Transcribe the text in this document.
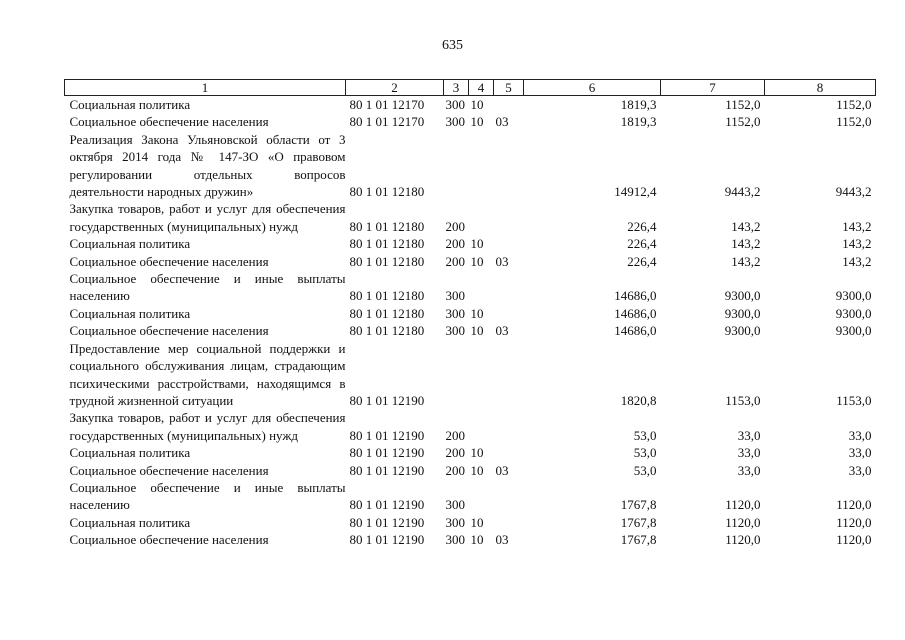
635
1	2	3	4	5	6	7	8
Социальная политика	80 1 01 12170	300	10		1819,3	1152,0	1152,0
Социальное обеспечение населения	80 1 01 12170	300	10	03	1819,3	1152,0	1152,0
Реализация Закона Ульяновской области от 3 октября 2014 года № 147-ЗО «О правовом регулировании отдельных вопросов деятельности народных дружин»	80 1 01 12180				14912,4	9443,2	9443,2
Закупка товаров, работ и услуг для обеспечения государственных (муниципальных) нужд	80 1 01 12180	200			226,4	143,2	143,2
Социальная политика	80 1 01 12180	200	10		226,4	143,2	143,2
Социальное обеспечение населения	80 1 01 12180	200	10	03	226,4	143,2	143,2
Социальное обеспечение и иные выплаты населению	80 1 01 12180	300			14686,0	9300,0	9300,0
Социальная политика	80 1 01 12180	300	10		14686,0	9300,0	9300,0
Социальное обеспечение населения	80 1 01 12180	300	10	03	14686,0	9300,0	9300,0
Предоставление мер социальной поддержки и социального обслуживания лицам, страдающим психическими расстройствами, находящимся в трудной жизненной ситуации	80 1 01 12190				1820,8	1153,0	1153,0
Закупка товаров, работ и услуг для обеспечения государственных (муниципальных) нужд	80 1 01 12190	200			53,0	33,0	33,0
Социальная политика	80 1 01 12190	200	10		53,0	33,0	33,0
Социальное обеспечение населения	80 1 01 12190	200	10	03	53,0	33,0	33,0
Социальное обеспечение и иные выплаты населению	80 1 01 12190	300			1767,8	1120,0	1120,0
Социальная политика	80 1 01 12190	300	10		1767,8	1120,0	1120,0
Социальное обеспечение населения	80 1 01 12190	300	10	03	1767,8	1120,0	1120,0
